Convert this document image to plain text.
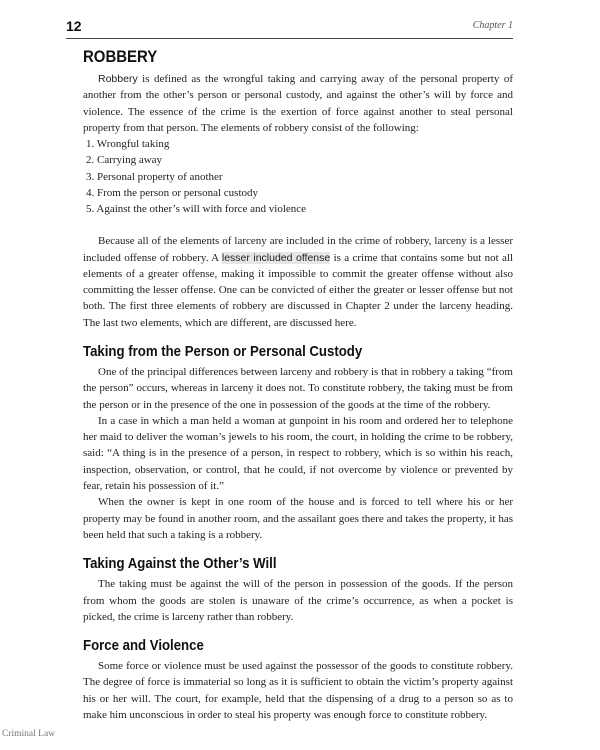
12	Chapter 1
ROBBERY

Robbery is defined as the wrongful taking and carrying away of the personal property of another from the other’s person or personal custody, and against the other’s will by force and violence. The essence of the crime is the exertion of force against another to steal personal property from that person. The elements of robbery consist of the following:

1. Wrongful taking
2. Carrying away
3. Personal property of another
4. From the person or personal custody
5. Against the other’s will with force and violence

Because all of the elements of larceny are included in the crime of robbery, larceny is a lesser included offense of robbery. A lesser included offense is a crime that contains some but not all elements of a greater offense, making it impossible to commit the greater offense without also committing the lesser offense. One can be convicted of either the greater or lesser offense but not both. The first three elements of robbery are discussed in Chapter 2 under the larceny heading. The last two elements, which are different, are discussed here.

Taking from the Person or Personal Custody

One of the principal differences between larceny and robbery is that in robbery a taking “from the person” occurs, whereas in larceny it does not. To constitute robbery, the taking must be from the person or in the presence of the one in possession of the goods at the time of the robbery.

In a case in which a man held a woman at gunpoint in his room and ordered her to telephone her maid to deliver the woman’s jewels to his room, the court, in holding the crime to be robbery, said: “A thing is in the presence of a person, in respect to robbery, which is so within his reach, inspection, observation, or control, that he could, if not overcome by violence or prevented by fear, retain his possession of it.”

When the owner is kept in one room of the house and is forced to tell where his or her property may be found in another room, and the assailant goes there and takes the property, it has been held that such a taking is a robbery.

Taking Against the Other’s Will

The taking must be against the will of the person in possession of the goods. If the person from whom the goods are stolen is unaware of the crime’s occurrence, as when a pocket is picked, the crime is larceny rather than robbery.

Force and Violence

Some force or violence must be used against the possessor of the goods to constitute robbery. The degree of force is immaterial so long as it is sufficient to obtain the victim’s property against his or her will. The court, for example, held that the dispensing of a drug to a person so as to make him unconscious in order to steal his property was enough force to constitute robbery.

Criminal Law
